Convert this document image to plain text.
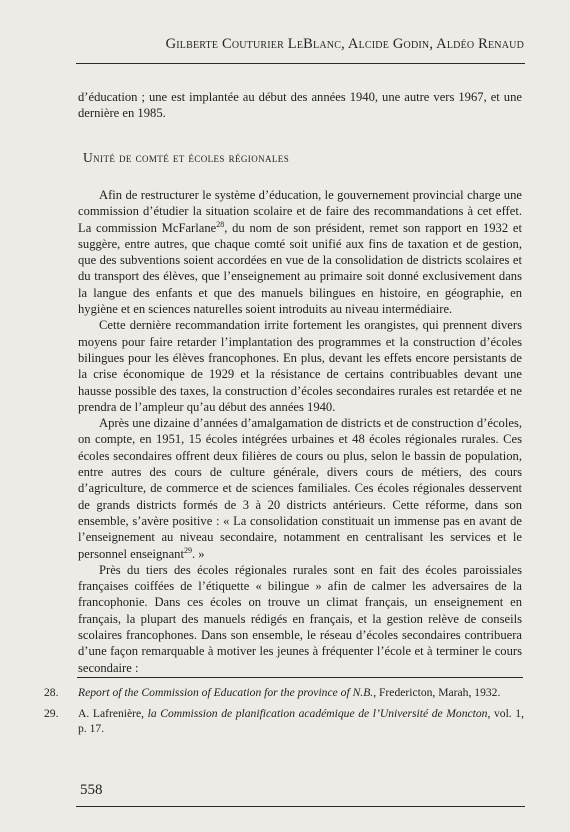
Gilberte Couturier LeBlanc, Alcide Godin, Aldéo Renaud

d’éducation ; une est implantée au début des années 1940, une autre vers 1967, et une dernière en 1985.

Unité de comté et écoles régionales

Afin de restructurer le système d’éducation, le gouvernement provincial charge une commission d’étudier la situation scolaire et de faire des recommandations à cet effet. La commission McFarlane$^{28}$, du nom de son président, remet son rapport en 1932 et suggère, entre autres, que chaque comté soit unifié aux fins de taxation et de gestion, que des subventions soient accordées en vue de la consolidation de districts scolaires et du transport des élèves, que l’enseignement au primaire soit donné exclusivement dans la langue des enfants et que des manuels bilingues en histoire, en géographie, en hygiène et en sciences naturelles soient introduits au niveau intermédiaire.

Cette dernière recommandation irrite fortement les orangistes, qui prennent divers moyens pour faire retarder l’implantation des programmes et la construction d’écoles bilingues pour les élèves francophones. En plus, devant les effets encore persistants de la crise économique de 1929 et la résistance de certains contribuables devant une hausse possible des taxes, la construction d’écoles secondaires rurales est retardée et ne prendra de l’ampleur qu’au début des années 1940.

Après une dizaine d’années d’amalgamation de districts et de construction d’écoles, on compte, en 1951, 15 écoles intégrées urbaines et 48 écoles régionales rurales. Ces écoles secondaires offrent deux filières de cours ou plus, selon le bassin de population, entre autres des cours de culture générale, divers cours de métiers, des cours d’agriculture, de commerce et de sciences familiales. Ces écoles régionales desservent de grands districts formés de 3 à 20 districts antérieurs. Cette réforme, dans son ensemble, s’avère positive : « La consolidation constituait un immense pas en avant de l’enseignement au niveau secondaire, notamment en centralisant les services et le personnel enseignant$^{29}$. »

Près du tiers des écoles régionales rurales sont en fait des écoles paroissiales françaises coiffées de l’étiquette « bilingue » afin de calmer les adversaires de la francophonie. Dans ces écoles on trouve un climat français, un enseignement en français, la plupart des manuels rédigés en français, et la gestion relève de conseils scolaires francophones. Dans son ensemble, le réseau d’écoles secondaires contribuera d’une façon remarquable à motiver les jeunes à fréquenter l’école et à terminer le cours secondaire :

28.	Report of the Commission of Education for the province of N.B., Fredericton, Marah, 1932.
29.	A. Lafrenière, la Commission de planification académique de l’Université de Moncton, vol. 1, p. 17.
558
